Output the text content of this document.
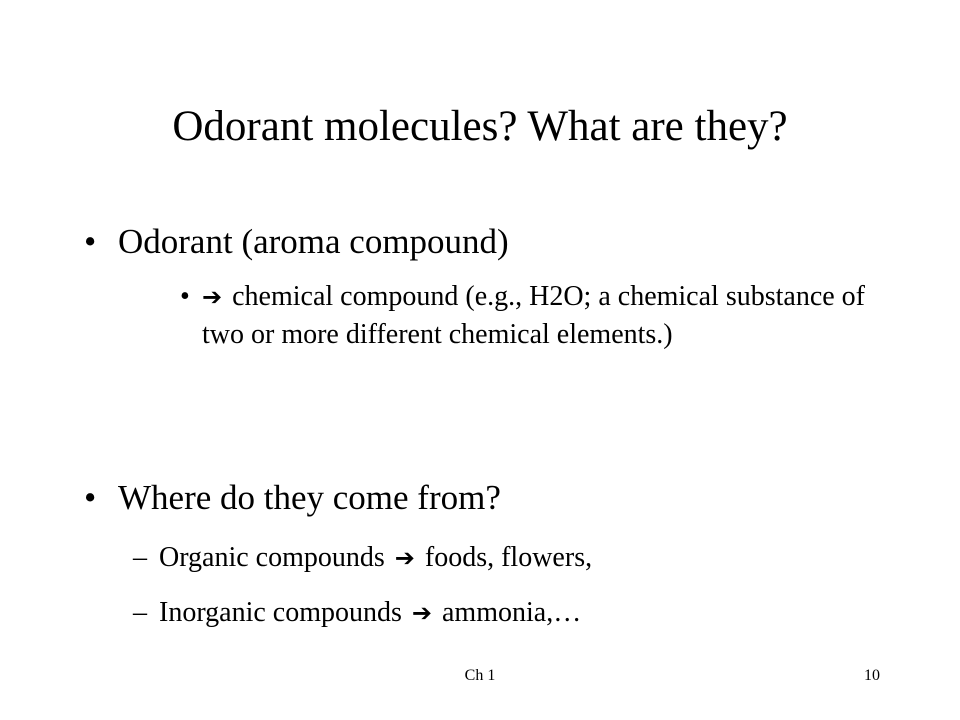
Odorant molecules? What are they?
• Odorant (aroma compound)
• ➔ chemical compound (e.g., H2O; a chemical substance of two or more different chemical elements.)
• Where do they come from?
– Organic compounds ➔ foods, flowers,
– Inorganic compounds ➔ ammonia,…
Ch 1	10
